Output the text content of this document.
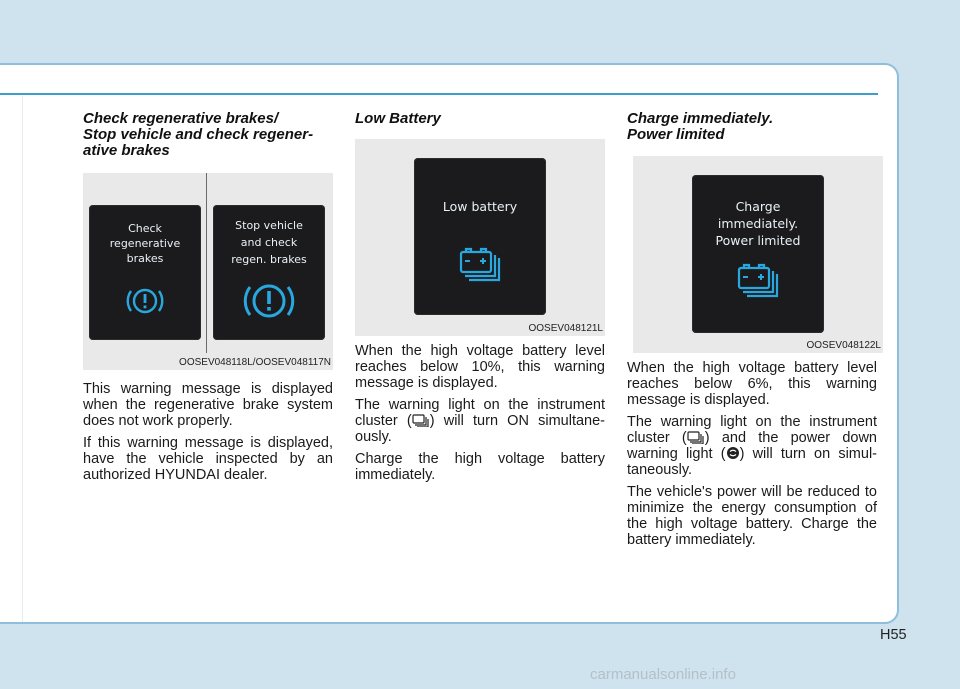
Check regenerative brakes/
Stop vehicle and check regener-
ative brakes
Check
regenerative
brakes
Stop vehicle
and check
regen. brakes
OOSEV048118L/OOSEV048117N

This warning message is displayed when the regenerative brake system does not work properly.

If this warning message is displayed, have the vehicle inspected by an authorized HYUNDAI dealer.

Low Battery
Low battery
OOSEV048121L

When the high voltage battery level reaches below 10%, this warning message is displayed.

The warning light on the instrument cluster ( ) will turn ON simultane-ously.

Charge the high voltage battery immediately.

Charge immediately.
Power limited
Charge
immediately.
Power limited
OOSEV048122L

When the high voltage battery level reaches below 6%, this warning message is displayed.

The warning light on the instrument cluster ( ) and the power down warning light ( ) will turn on simul-taneously.

The vehicle's power will be reduced to minimize the energy consumption of the high voltage battery. Charge the battery immediately.

H55
carmanualsonline.info
